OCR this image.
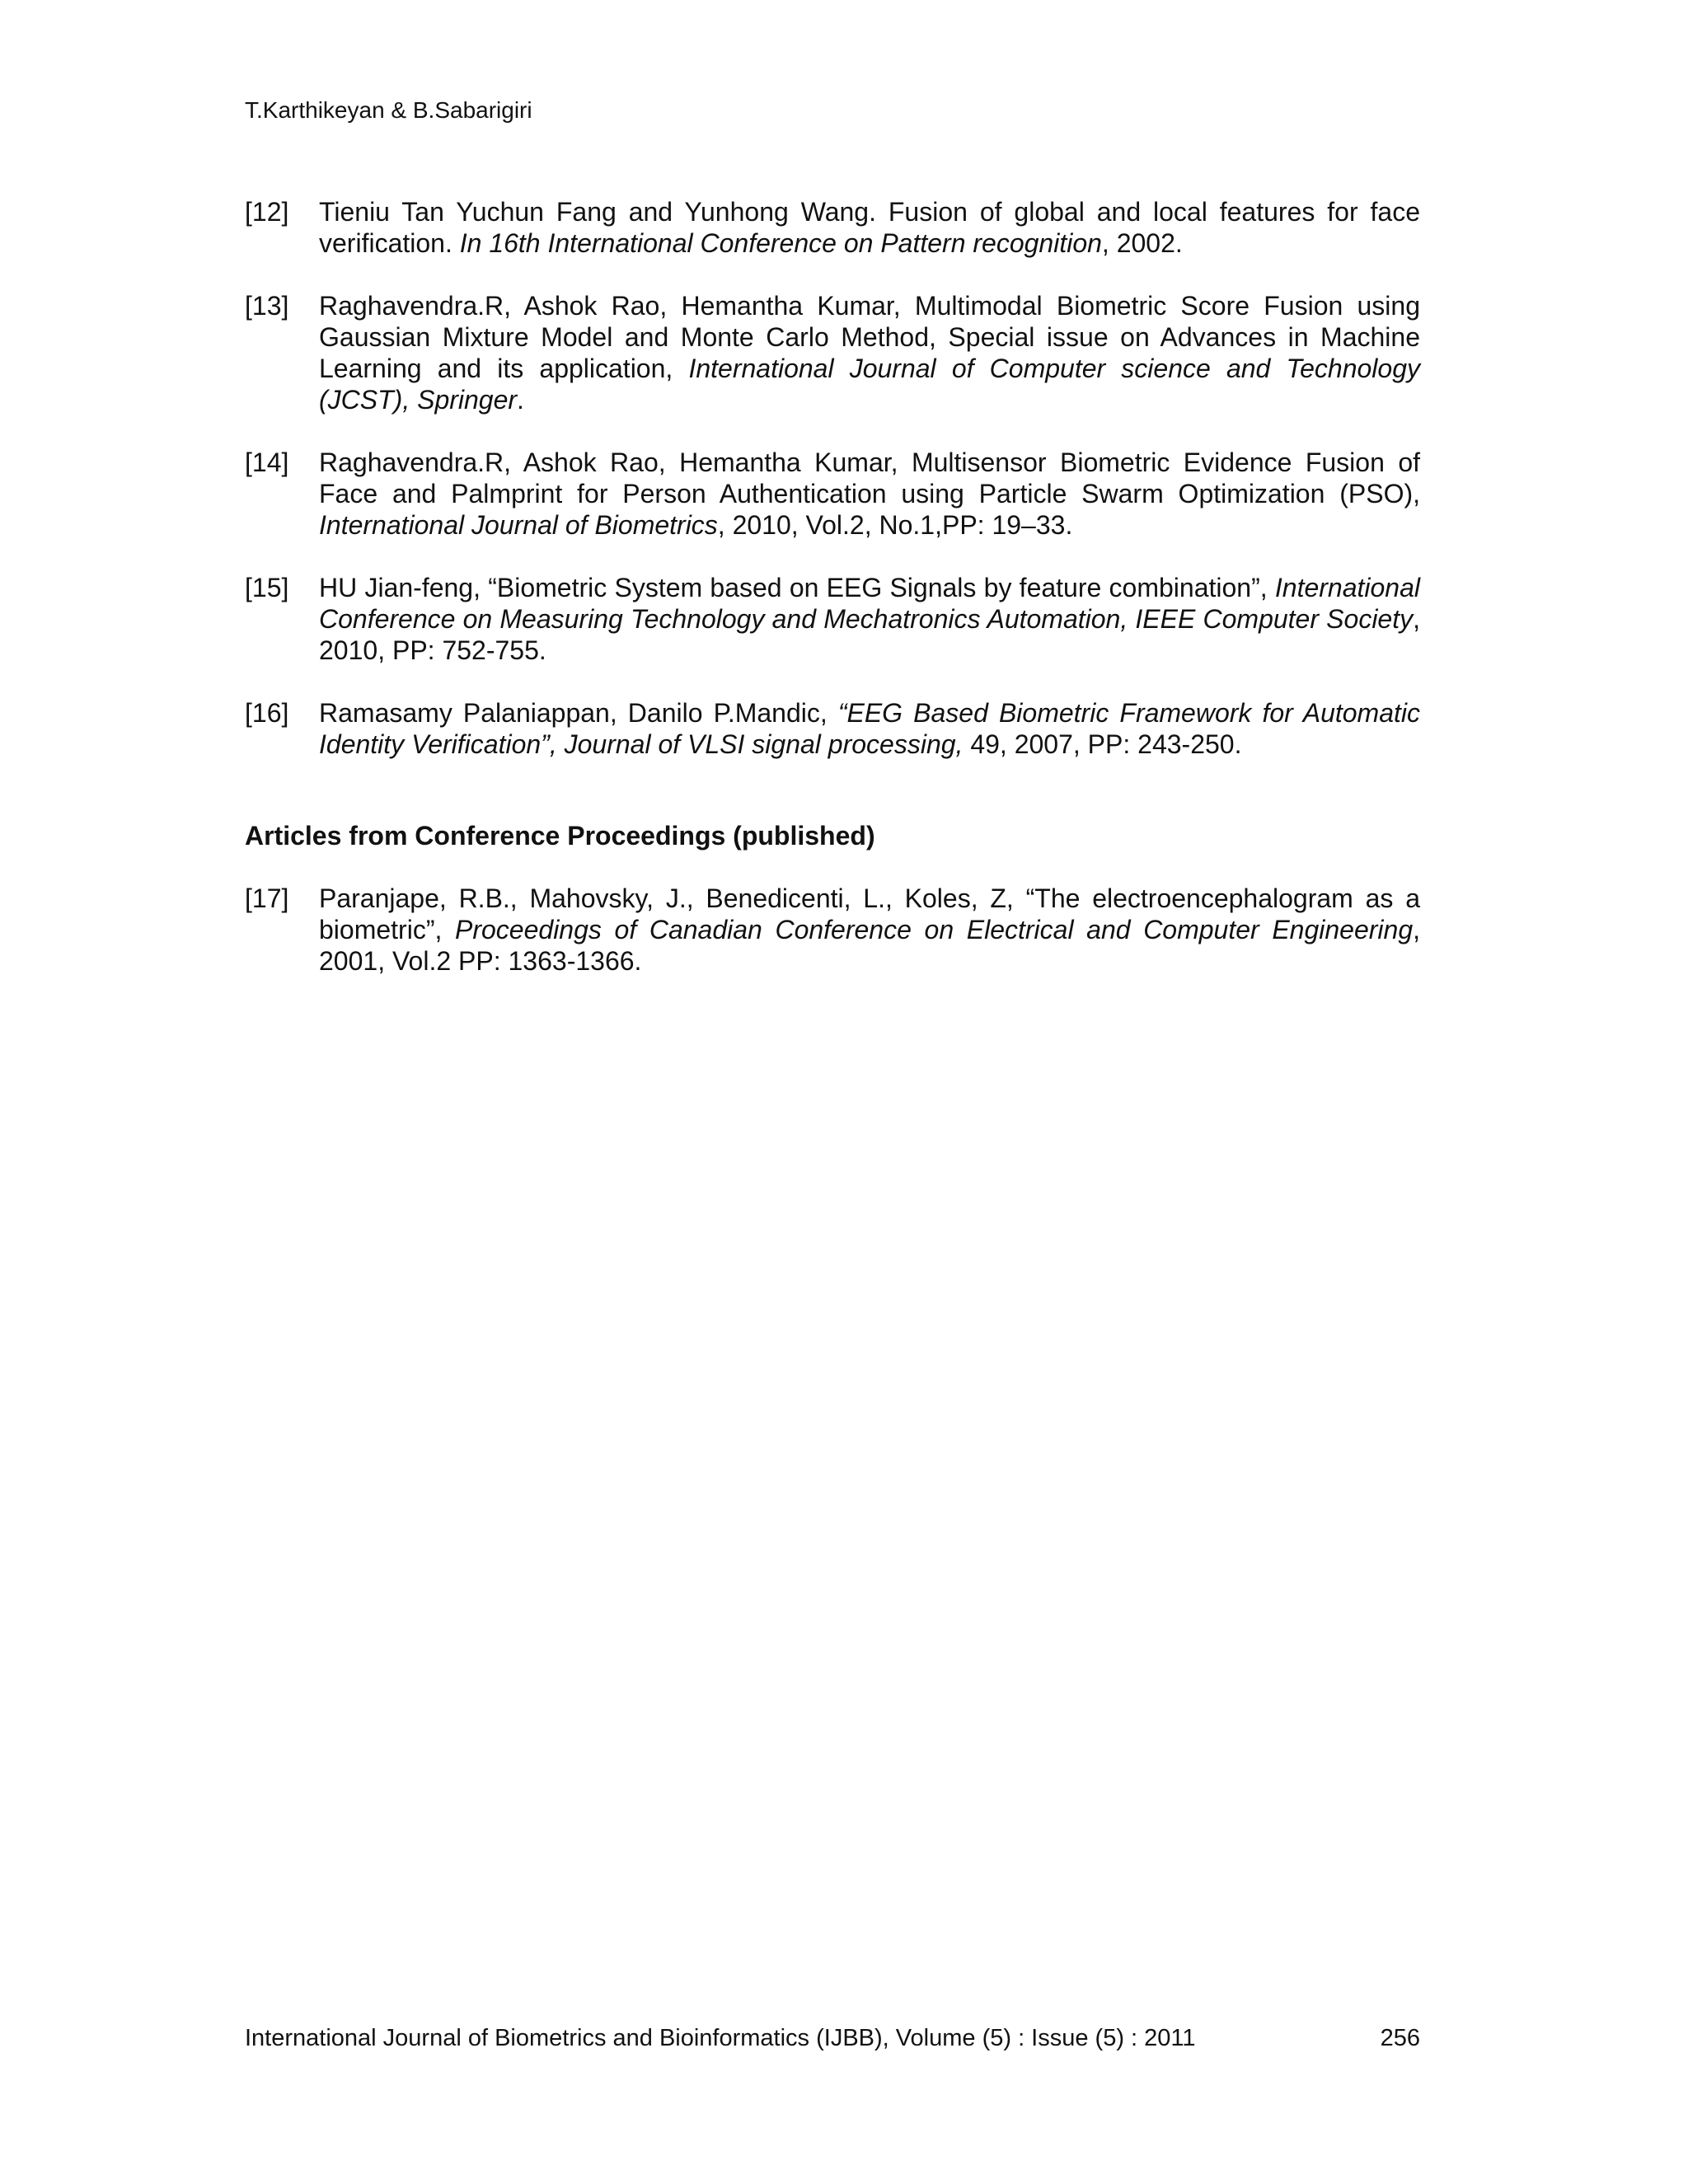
T.Karthikeyan & B.Sabarigiri
[12] Tieniu Tan Yuchun Fang and Yunhong Wang. Fusion of global and local features for face verification. In 16th International Conference on Pattern recognition, 2002.
[13] Raghavendra.R, Ashok Rao, Hemantha Kumar, Multimodal Biometric Score Fusion using Gaussian Mixture Model and Monte Carlo Method, Special issue on Advances in Machine Learning and its application, International Journal of Computer science and Technology (JCST), Springer.
[14] Raghavendra.R, Ashok Rao, Hemantha Kumar, Multisensor Biometric Evidence Fusion of Face and Palmprint for Person Authentication using Particle Swarm Optimization (PSO), International Journal of Biometrics, 2010, Vol.2, No.1,PP: 19–33.
[15] HU Jian-feng, “Biometric System based on EEG Signals by feature combination”, International Conference on Measuring Technology and Mechatronics Automation, IEEE Computer Society, 2010, PP: 752-755.
[16] Ramasamy Palaniappan, Danilo P.Mandic, “EEG Based Biometric Framework for Automatic Identity Verification”, Journal of VLSI signal processing, 49, 2007, PP: 243-250.
Articles from Conference Proceedings (published)
[17] Paranjape, R.B., Mahovsky, J., Benedicenti, L., Koles, Z, “The electroencephalogram as a biometric”, Proceedings of Canadian Conference on Electrical and Computer Engineering, 2001, Vol.2 PP: 1363-1366.
International Journal of Biometrics and Bioinformatics (IJBB), Volume (5) : Issue (5) : 2011	256
